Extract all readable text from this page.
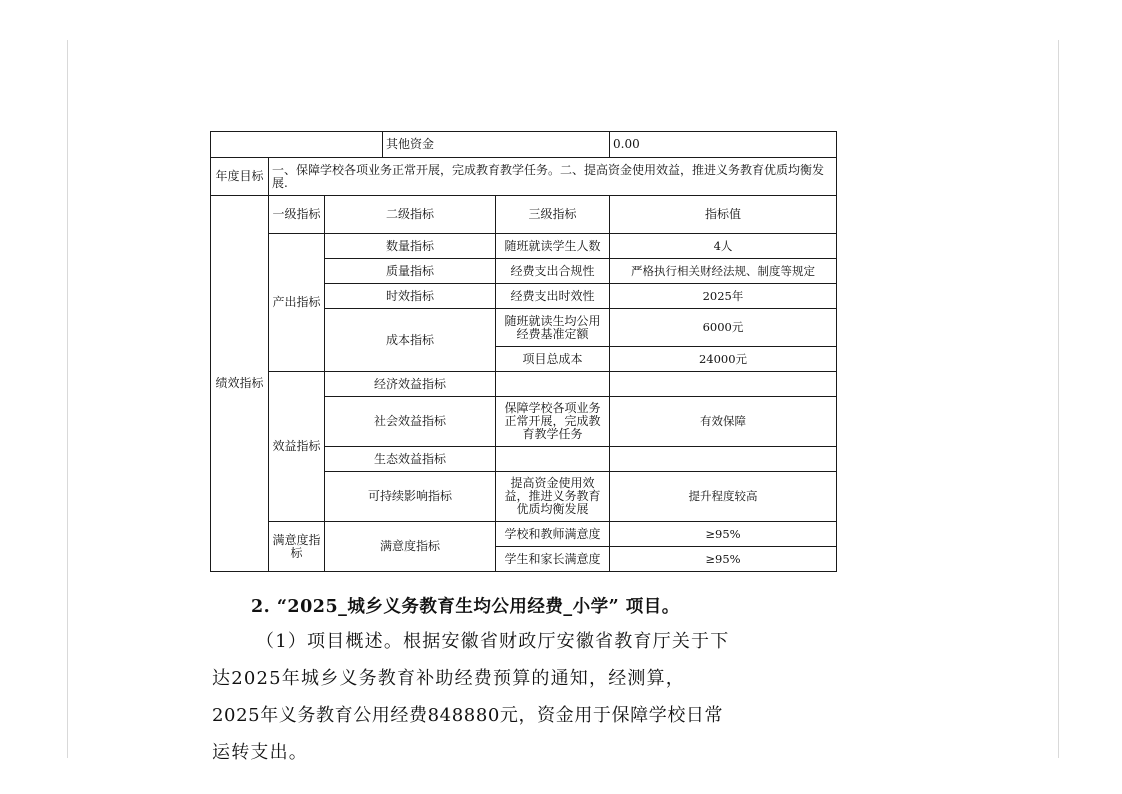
			其他资金		0.00
年度目标	一、保障学校各项业务正常开展，完成教育教学任务。二、提高资金使用效益，推进义务教育优质均衡发展.				
绩效指标	一级指标	二级指标		三级指标	指标值
	产出指标	数量指标		随班就读学生人数	4人
		质量指标		经费支出合规性	严格执行相关财经法规、制度等规定
		时效指标		经费支出时效性	2025年
		成本指标		随班就读生均公用经费基准定额	6000元
				项目总成本	24000元
	效益指标	经济效益指标			
		社会效益指标		保障学校各项业务正常开展，完成教育教学任务	有效保障
		生态效益指标			
		可持续影响指标		提高资金使用效益，推进义务教育优质均衡发展	提升程度较高
	满意度指标	满意度指标		学校和教师满意度	≥95%
				学生和家长满意度	≥95%
2. “2025_城乡义务教育生均公用经费_小学” 项目。

（1）项目概述。根据安徽省财政厅安徽省教育厅关于下

达2025年城乡义务教育补助经费预算的通知，经测算，

2025年义务教育公用经费848880元，资金用于保障学校日常

运转支出。
